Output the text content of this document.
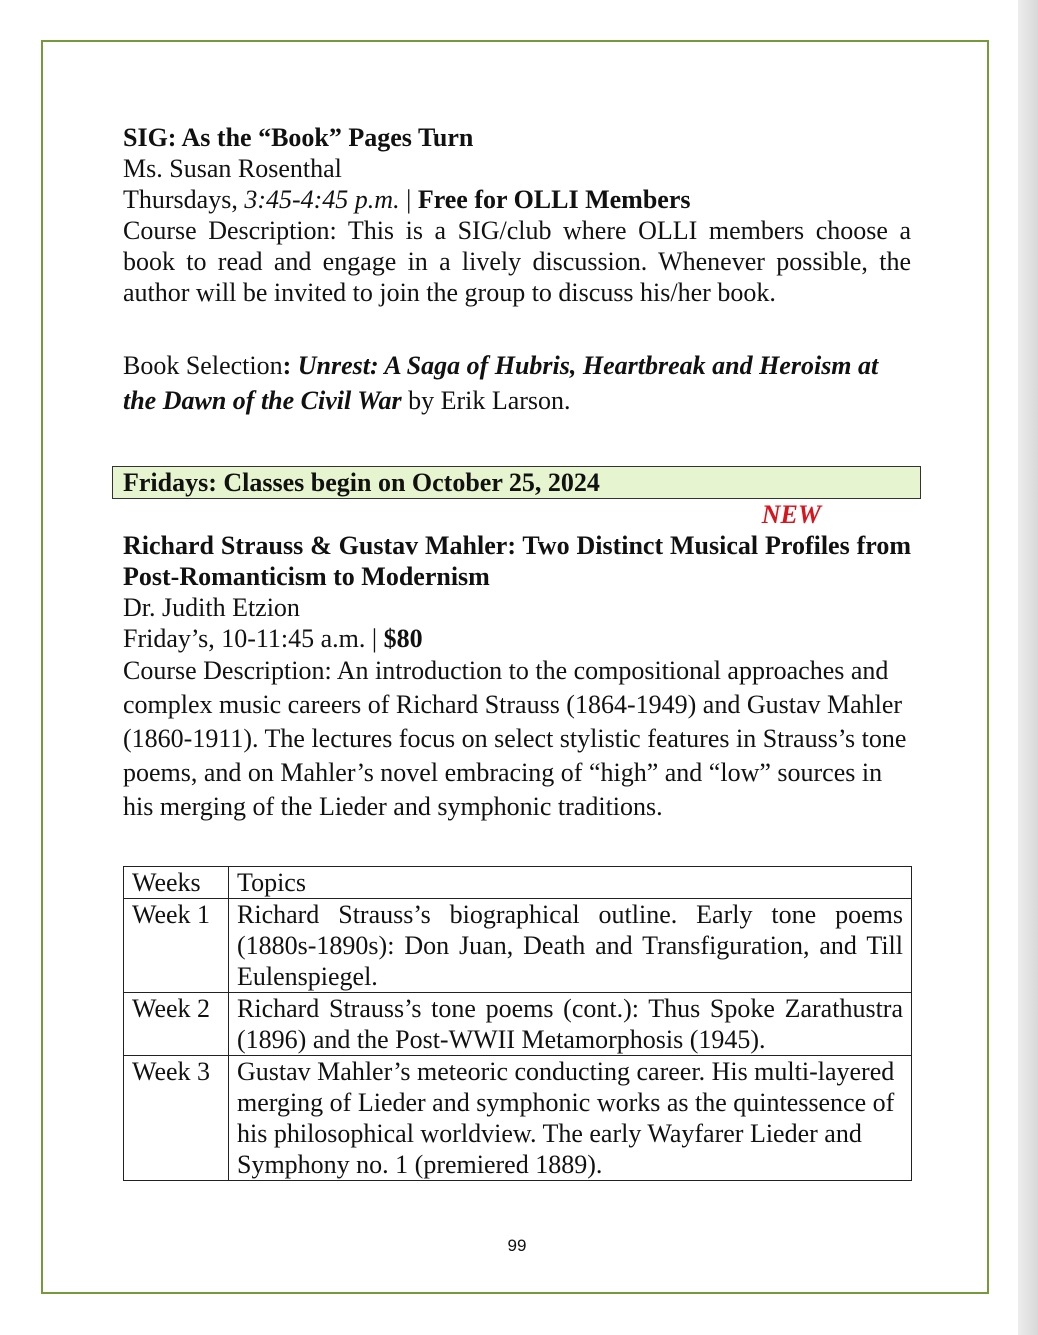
SIG: As the “Book” Pages Turn
Ms. Susan Rosenthal
Thursdays, 3:45-4:45 p.m. | Free for OLLI Members
Course Description: This is a SIG/club where OLLI members choose a book to read and engage in a lively discussion. Whenever possible, the author will be invited to join the group to discuss his/her book.
Book Selection: Unrest: A Saga of Hubris, Heartbreak and Heroism at the Dawn of the Civil War by Erik Larson.
Fridays: Classes begin on October 25, 2024
NEW
Richard Strauss & Gustav Mahler: Two Distinct Musical Profiles from Post-Romanticism to Modernism
Dr. Judith Etzion
Friday’s, 10-11:45 a.m. | $80
Course Description: An introduction to the compositional approaches and complex music careers of Richard Strauss (1864-1949) and Gustav Mahler (1860-1911). The lectures focus on select stylistic features in Strauss’s tone poems, and on Mahler’s novel embracing of “high” and “low” sources in his merging of the Lieder and symphonic traditions.
Weeks	Topics
Week 1	Richard Strauss’s biographical outline. Early tone poems (1880s-1890s): Don Juan, Death and Transfiguration, and Till Eulenspiegel.
Week 2	Richard Strauss’s tone poems (cont.): Thus Spoke Zarathustra (1896) and the Post-WWII Metamorphosis (1945).
Week 3	Gustav Mahler’s meteoric conducting career. His multi-layered merging of Lieder and symphonic works as the quintessence of his philosophical worldview. The early Wayfarer Lieder and Symphony no. 1 (premiered 1889).
99
